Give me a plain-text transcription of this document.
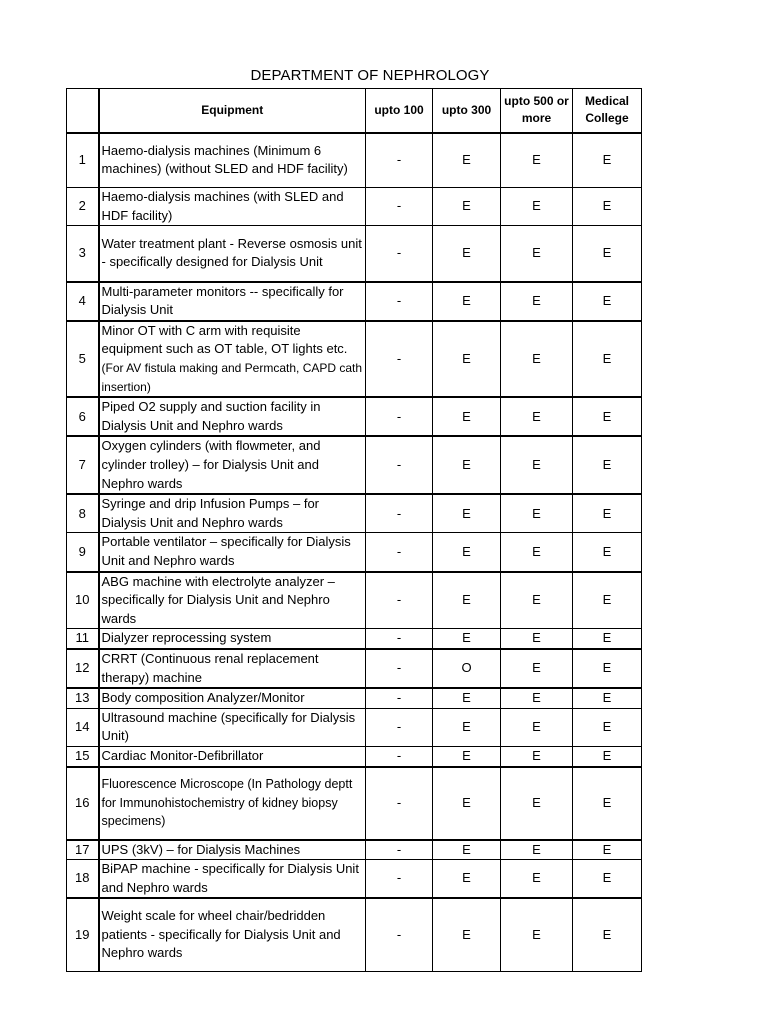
DEPARTMENT OF NEPHROLOGY
	Equipment	upto 100	upto 300	upto 500 or more	Medical College
1	Haemo-dialysis machines (Minimum 6 machines) (without SLED and HDF facility)	-	E	E	E
2	Haemo-dialysis machines (with SLED and HDF facility)	-	E	E	E
3	Water treatment plant - Reverse osmosis unit - specifically designed for Dialysis Unit	-	E	E	E
4	Multi-parameter monitors -- specifically for Dialysis Unit	-	E	E	E
5	Minor OT with C arm with requisite equipment such as OT table, OT lights etc. (For AV fistula making and Permcath, CAPD cath insertion)	-	E	E	E
6	Piped O2 supply and suction facility in Dialysis Unit and Nephro wards	-	E	E	E
7	Oxygen cylinders (with flowmeter, and cylinder trolley) – for Dialysis Unit and Nephro wards	-	E	E	E
8	Syringe and drip Infusion Pumps – for Dialysis Unit and Nephro wards	-	E	E	E
9	Portable ventilator – specifically for Dialysis Unit and Nephro wards	-	E	E	E
10	ABG machine with electrolyte analyzer – specifically for Dialysis Unit and Nephro wards	-	E	E	E
11	Dialyzer reprocessing system	-	E	E	E
12	CRRT (Continuous renal replacement therapy) machine	-	O	E	E
13	Body composition Analyzer/Monitor	-	E	E	E
14	Ultrasound machine (specifically for Dialysis Unit)	-	E	E	E
15	Cardiac Monitor-Defibrillator	-	E	E	E
16	Fluorescence Microscope (In Pathology deptt for Immunohistochemistry of kidney biopsy specimens)	-	E	E	E
17	UPS (3kV) – for Dialysis Machines	-	E	E	E
18	BiPAP machine - specifically for Dialysis Unit and Nephro wards	-	E	E	E
19	Weight scale for wheel chair/bedridden patients - specifically for Dialysis Unit and Nephro wards	-	E	E	E
